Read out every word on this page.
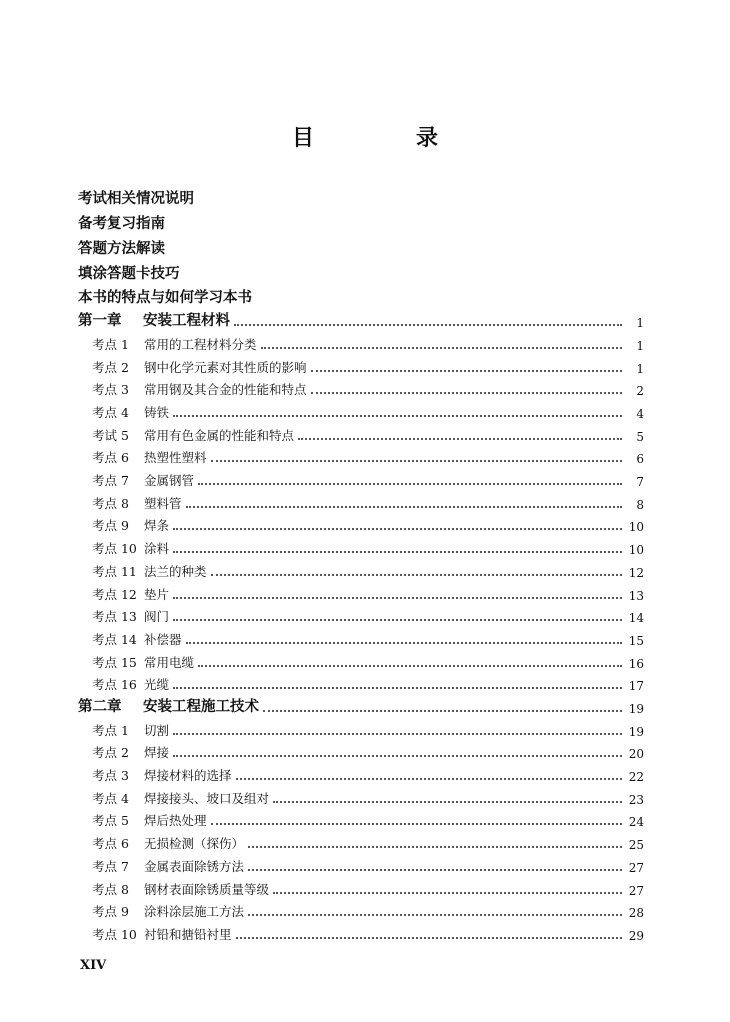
目　录
考试相关情况说明
备考复习指南
答题方法解读
填涂答题卡技巧
本书的特点与如何学习本书
第一章	安装工程材料	1
考点 1	常用的工程材料分类	1
考点 2	钢中化学元素对其性质的影响	1
考点 3	常用钢及其合金的性能和特点	2
考点 4	铸铁	4
考试 5	常用有色金属的性能和特点	5
考点 6	热塑性塑料	6
考点 7	金属钢管	7
考点 8	塑料管	8
考点 9	焊条	10
考点 10 涂料	10
考点 11 法兰的种类	12
考点 12 垫片	13
考点 13 阀门	14
考点 14 补偿器	15
考点 15 常用电缆	16
考点 16 光缆	17
第二章	安装工程施工技术	19
考点 1	切割	19
考点 2	焊接	20
考点 3	焊接材料的选择	22
考点 4	焊接接头、坡口及组对	23
考点 5	焊后热处理	24
考点 6	无损检测（探伤）	25
考点 7	金属表面除锈方法	27
考点 8	钢材表面除锈质量等级	27
考点 9	涂料涂层施工方法	28
考点 10 衬铅和搪铅衬里	29
XIV
